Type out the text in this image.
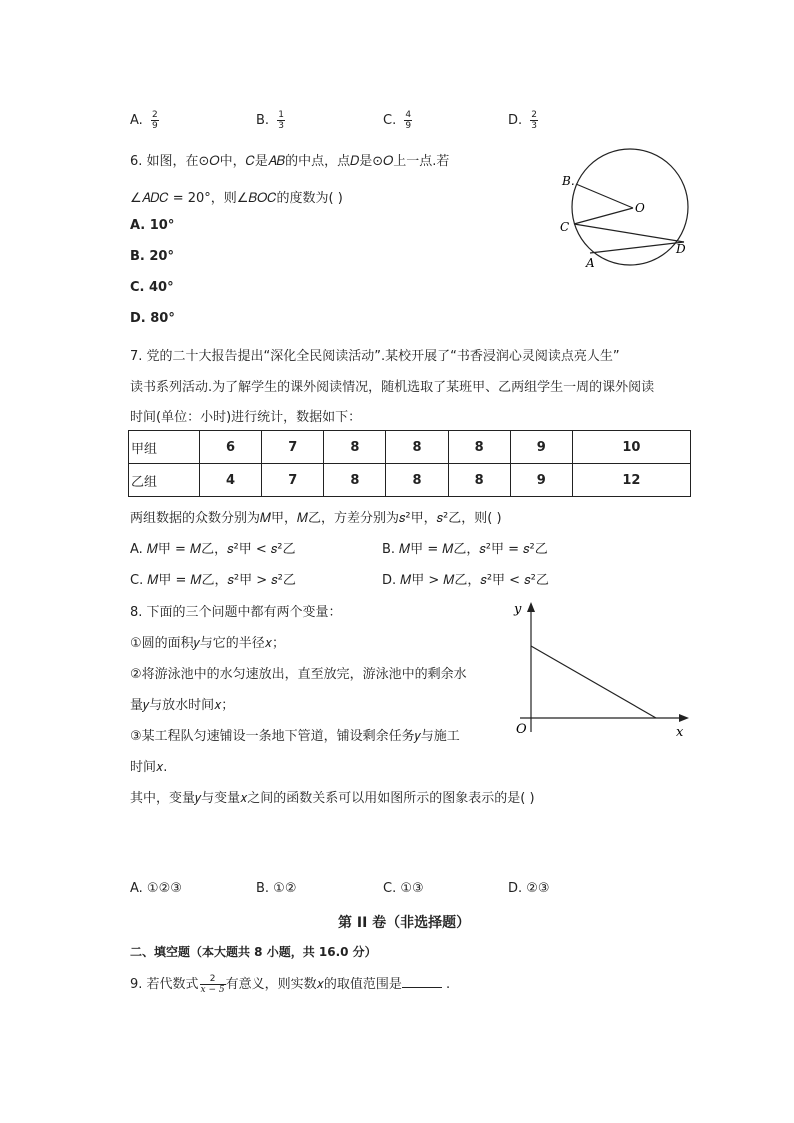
A. $\frac{2}{9}$	B. $\frac{1}{3}$	C. $\frac{4}{9}$	D. $\frac{2}{3}$
6. 如图，在⊙𝑂中，𝐶是𝐴𝐵的中点，点𝐷是⊙𝑂上一点.若
∠𝐴𝐷𝐶 = 20°，则∠𝐵𝑂𝐶的度数为( )
A. 10°
B. 20°
C. 40°
D. 80°
B.
O
C
D
A
7. 党的二十大报告提出“深化全民阅读活动”.某校开展了“书香浸润心灵阅读点亮人生”
读书系列活动.为了解学生的课外阅读情况，随机选取了某班甲、乙两组学生一周的课外阅读
时间(单位：小时)进行统计，数据如下：
甲组	6	7	8	8	8	9	10
乙组	4	7	8	8	8	9	12
两组数据的众数分别为𝑀甲，𝑀乙，方差分别为𝑠²甲，𝑠²乙，则( )
A. 𝑀甲 = 𝑀乙，𝑠²甲 < 𝑠²乙	B. 𝑀甲 = 𝑀乙，𝑠²甲 = 𝑠²乙
C. 𝑀甲 = 𝑀乙，𝑠²甲 > 𝑠²乙	D. 𝑀甲 > 𝑀乙，𝑠²甲 < 𝑠²乙
8. 下面的三个问题中都有两个变量：
①圆的面积𝑦与它的半径𝑥；
②将游泳池中的水匀速放出，直至放完，游泳池中的剩余水
量𝑦与放水时间𝑥；
③某工程队匀速铺设一条地下管道，铺设剩余任务𝑦与施工
时间𝑥.
其中，变量𝑦与变量𝑥之间的函数关系可以用如图所示的图象表示的是( )
y
x
O
A. ①②③	B. ①②	C. ①③	D. ②③
第 II 卷（非选择题）
二、填空题（本大题共 8 小题，共 16.0 分）
9. 若代数式 $\frac{2}{x - 5}$ 有意义，则实数𝑥的取值范围是	.
